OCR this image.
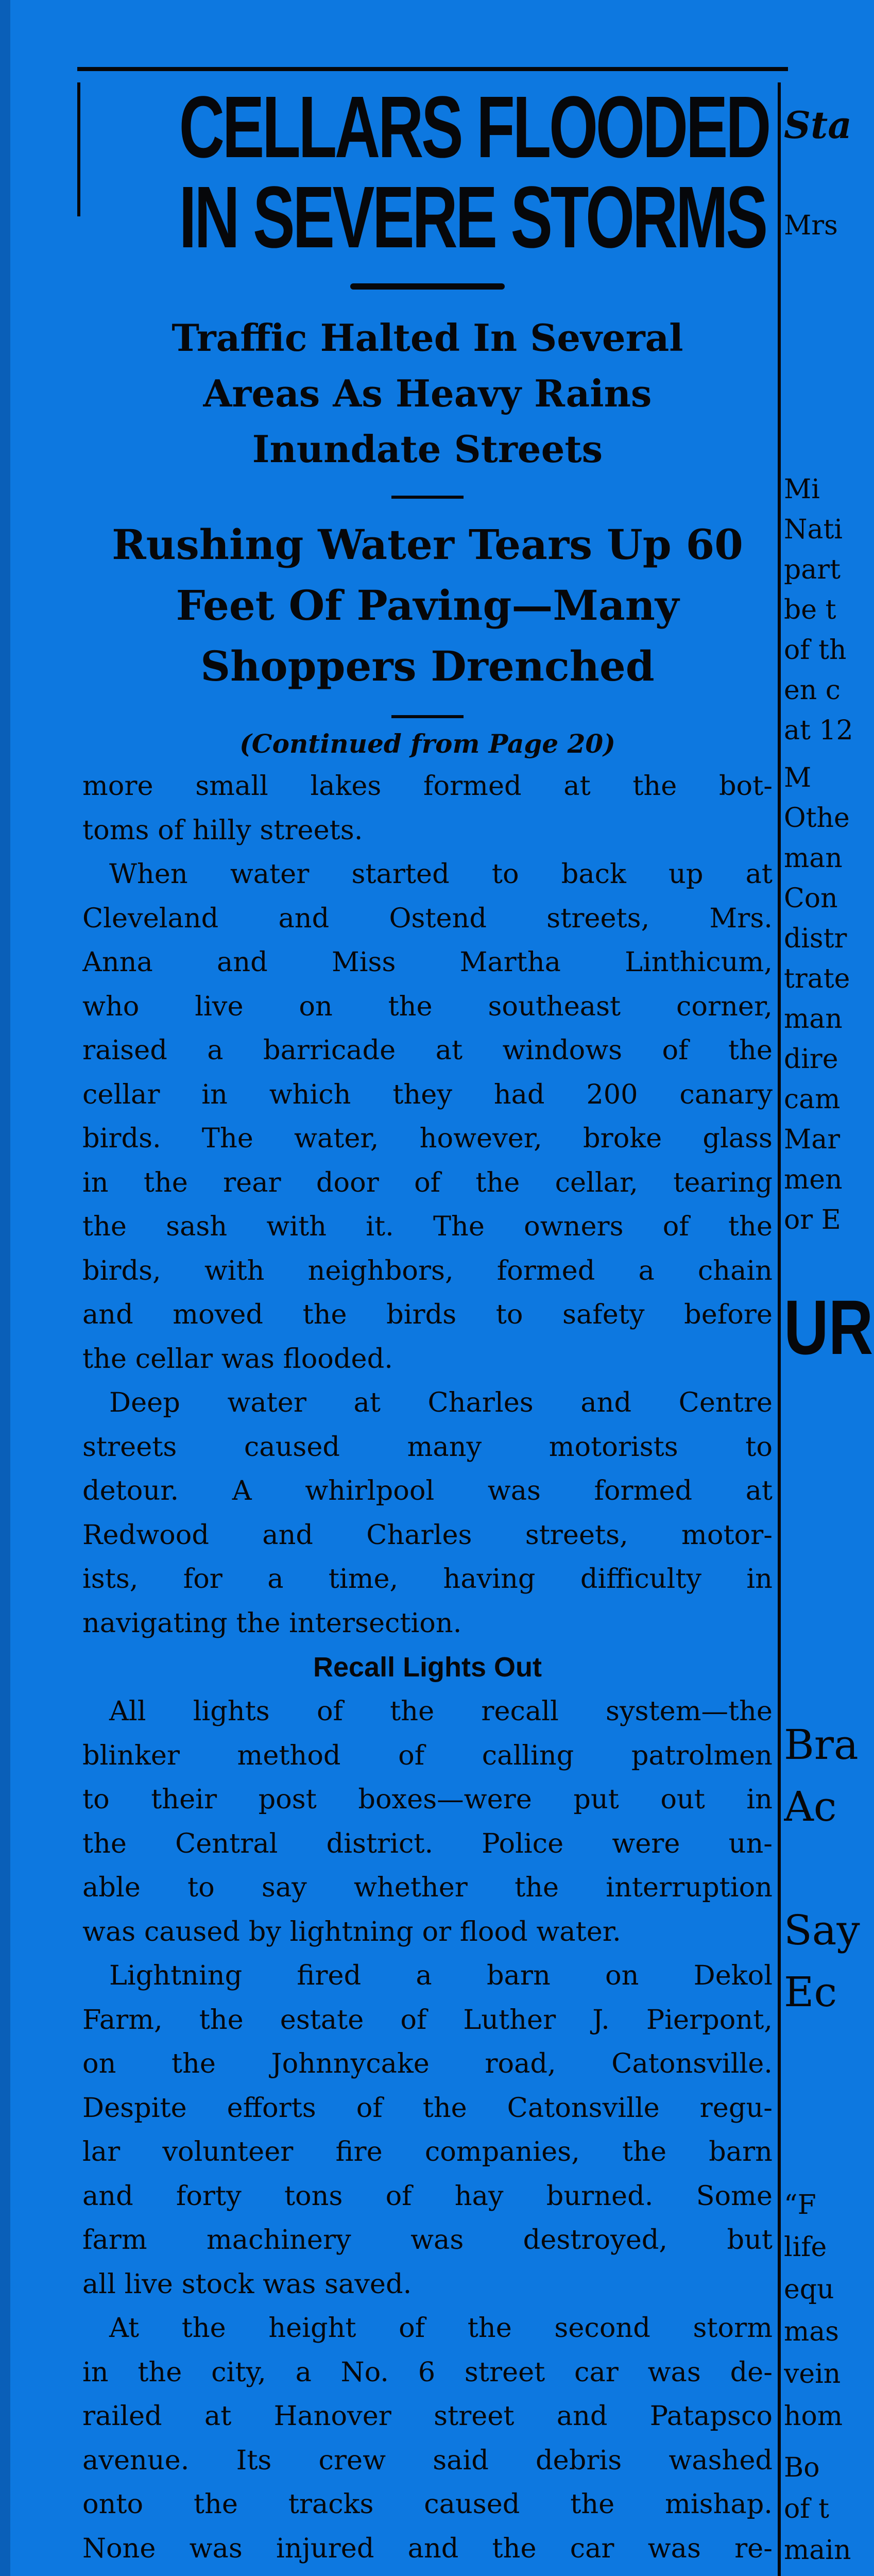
CELLARS FLOODED
IN SEVERE STORMS
Traffic Halted In Several
Areas As Heavy Rains
Inundate Streets
Rushing Water Tears Up 60
Feet Of Paving—Many
Shoppers Drenched
(Continued from Page 20)
more small lakes formed at the bot-
toms of hilly streets.
When water started to back up at
Cleveland and Ostend streets, Mrs.
Anna and Miss Martha Linthicum,
who live on the southeast corner,
raised a barricade at windows of the
cellar in which they had 200 canary
birds. The water, however, broke glass
in the rear door of the cellar, tearing
the sash with it. The owners of the
birds, with neighbors, formed a chain
and moved the birds to safety before
the cellar was flooded.
Deep water at Charles and Centre
streets caused many motorists to
detour. A whirlpool was formed at
Redwood and Charles streets, motor-
ists, for a time, having difficulty in
navigating the intersection.
Recall Lights Out
All lights of the recall system—the
blinker method of calling patrolmen
to their post boxes—were put out in
the Central district. Police were un-
able to say whether the interruption
was caused by lightning or flood water.
Lightning fired a barn on Dekol
Farm, the estate of Luther J. Pierpont,
on the Johnnycake road, Catonsville.
Despite efforts of the Catonsville regu-
lar volunteer fire companies, the barn
and forty tons of hay burned. Some
farm machinery was destroyed, but
all live stock was saved.
At the height of the second storm
in the city, a No. 6 street car was de-
railed at Hanover street and Patapsco
avenue. Its crew said debris washed
onto the tracks caused the mishap.
None was injured and the car was re-
Sta
Mrs
Mi
Nati
part
be t
of th
en c
at 12
M
Othe
man
Con
distr
trate
man
dire
cam
Mar
men
or E
UR
Bra
Ac
Say
Ec
“F
life
equ
mas
vein
hom
Bo
of t
main
